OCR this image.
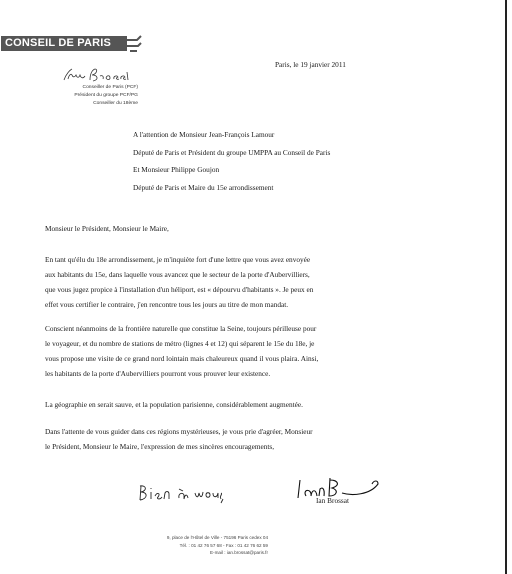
CONSEIL DE PARIS
Conseiller de Paris (PCF)
Président du groupe PCF/PG
Conseiller du 18ème
Paris, le 19 janvier 2011
A l'attention de Monsieur Jean-François Lamour
Député de Paris et Président du groupe UMPPA au Conseil de Paris
Et Monsieur Philippe Goujon
Député de Paris et Maire du 15e arrondissement
Monsieur le Président, Monsieur le Maire,
En tant qu'élu du 18e arrondissement, je m'inquiète fort d'une lettre que vous avez envoyée
aux habitants du 15e, dans laquelle vous avancez que le secteur de la porte d'Aubervilliers,
que vous jugez propice à l'installation d'un héliport, est « dépourvu d'habitants ». Je peux en
effet vous certifier le contraire, j'en rencontre tous les jours au titre de mon mandat.
Conscient néanmoins de la frontière naturelle que constitue la Seine, toujours périlleuse pour
le voyageur, et du nombre de stations de métro (lignes 4 et 12) qui séparent le 15e du 18e, je
vous propose une visite de ce grand nord lointain mais chaleureux quand il vous plaira. Ainsi,
les habitants de la porte d'Aubervilliers pourront vous prouver leur existence.
La géographie en serait sauve, et la population parisienne, considérablement augmentée.
Dans l'attente de vous guider dans ces régions mystérieuses, je vous prie d'agréer, Monsieur
le Président, Monsieur le Maire, l'expression de mes sincères encouragements,
Ian Brossat
9, place de l'Hôtel de Ville - 75196 Paris cedex 04
Tél. : 01 42 76 57 68 - Fax : 01 42 76 62 59
E-mail : ian.brossat@paris.fr
